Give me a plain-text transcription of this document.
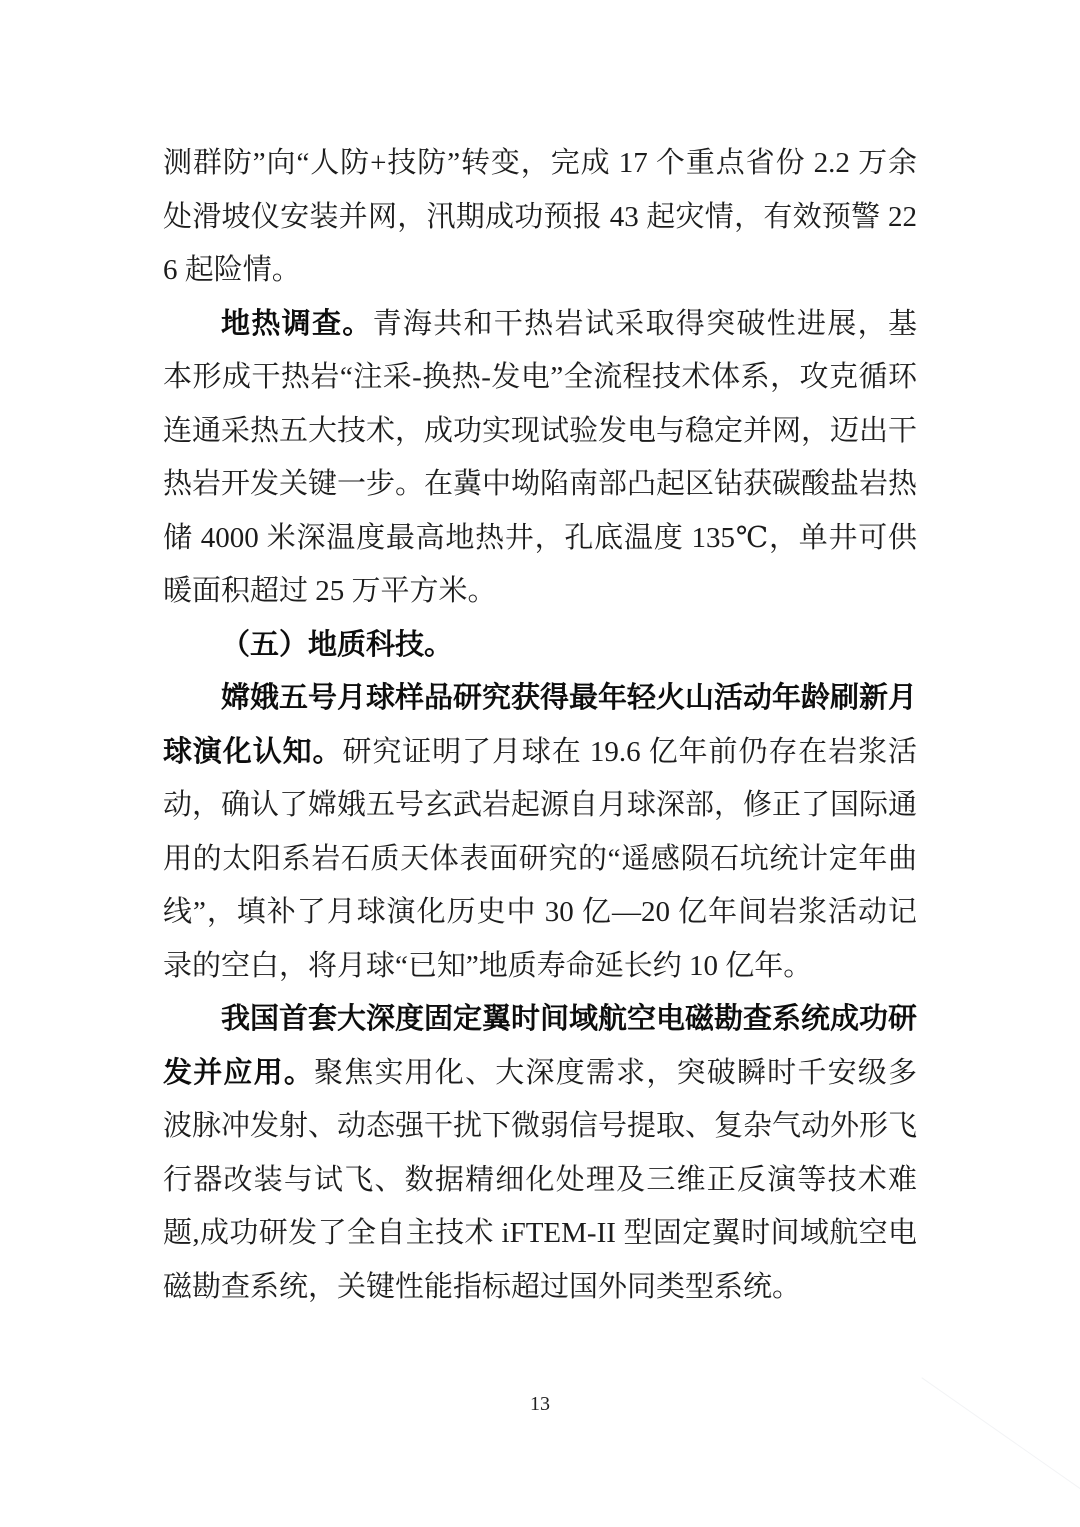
测群防”向“人防+技防”转变，完成 17 个重点省份 2.2 万余处滑坡仪安装并网，汛期成功预报 43 起灾情，有效预警 226 起险情。

地热调查。青海共和干热岩试采取得突破性进展，基本形成干热岩“注采-换热-发电”全流程技术体系，攻克循环连通采热五大技术，成功实现试验发电与稳定并网，迈出干热岩开发关键一步。在冀中坳陷南部凸起区钻获碳酸盐岩热储 4000 米深温度最高地热井，孔底温度 135℃，单井可供暖面积超过 25 万平方米。

（五）地质科技。

嫦娥五号月球样品研究获得最年轻火山活动年龄刷新月球演化认知。研究证明了月球在 19.6 亿年前仍存在岩浆活动，确认了嫦娥五号玄武岩起源自月球深部，修正了国际通用的太阳系岩石质天体表面研究的“遥感陨石坑统计定年曲线”，填补了月球演化历史中 30 亿—20 亿年间岩浆活动记录的空白，将月球“已知”地质寿命延长约 10 亿年。

我国首套大深度固定翼时间域航空电磁勘查系统成功研发并应用。聚焦实用化、大深度需求，突破瞬时千安级多波脉冲发射、动态强干扰下微弱信号提取、复杂气动外形飞行器改装与试飞、数据精细化处理及三维正反演等技术难题,成功研发了全自主技术 iFTEM-II 型固定翼时间域航空电磁勘查系统，关键性能指标超过国外同类型系统。

13
